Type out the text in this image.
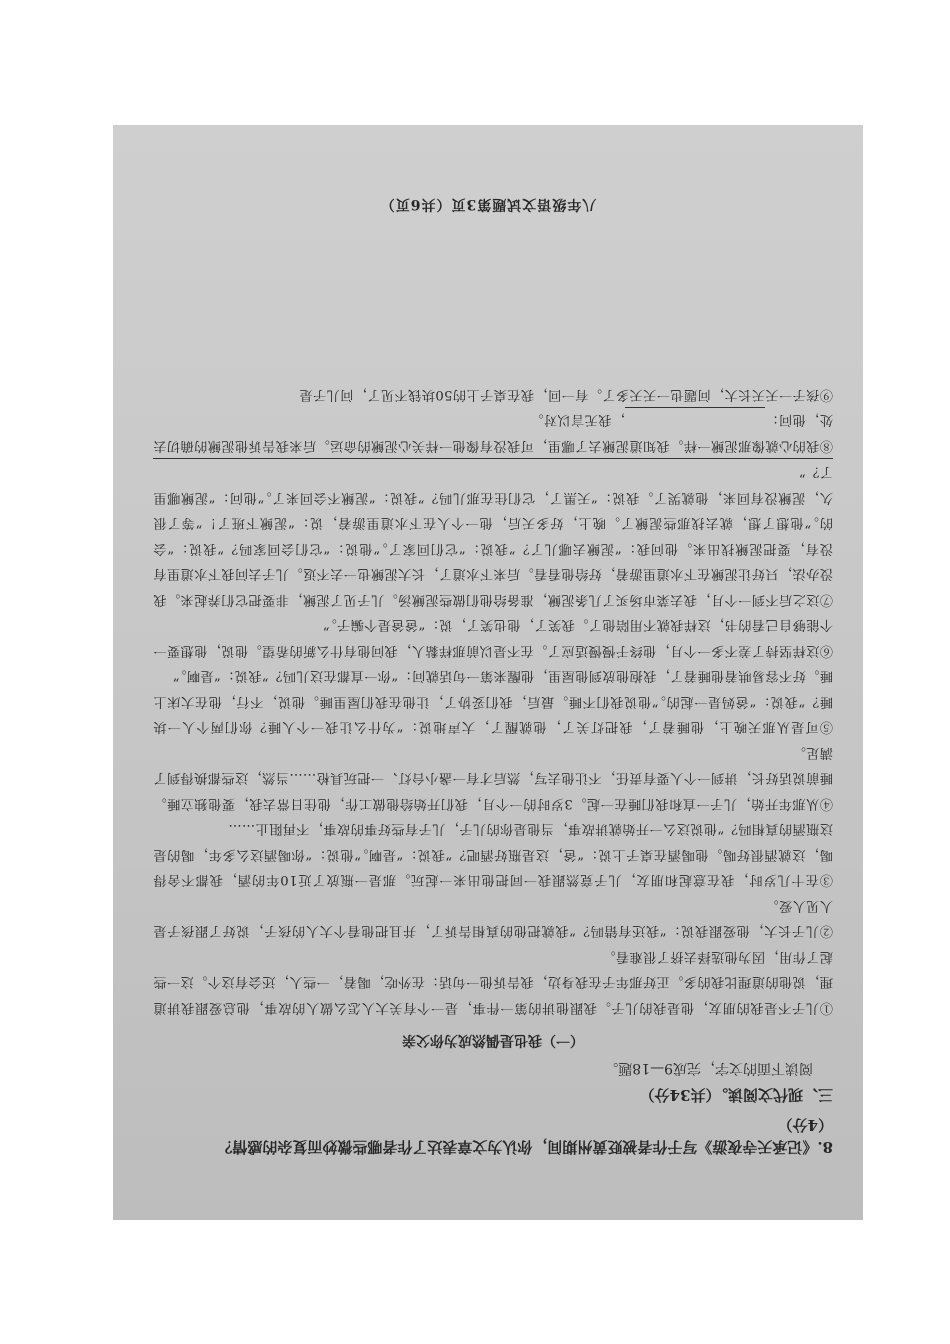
8.《记承天寺夜游》写于作者被贬黄州期间，你认为文章表达了作者哪些微妙而复杂的感情？

（4分）

三、现代文阅读。（共34分）
阅读下面的文字，完成9—18题。
（一）我也是偶然成为你父亲

①儿子不是我的朋友，他是我的儿子。我跟他讲的第一件事，是一个有关大人怎么做人的故事，他总爱跟我讲道理，说他的道理比我的多。正好那年子在我身边，我告诉他一句话：在外吃，喝着，一些人，还会有这个。这一些起了作用，因为他选择去挤了很难看。

②儿子长大，他爱跟我说：“我还有错吗？”我就把他的真相告诉了，并且把他看个大人的孩子，说好了跟孩子是人见人爱。

③在十几岁时，我在意起和朋友，儿子竟然跟我一同把他出来一起玩。那是一瓶放了近10年的酒，我都不舍得喝，这就酒很好喝。他喝酒在桌子上说：“爸，这是瓶好酒吧？”我说：“是啊。”他说：“你喝酒这么多年，喝的是这瓶酒的真相吗？”他说这么一开始就讲故事，当他是你的儿子，儿子有些好事的故事，不再阻止……

④从那年开始，儿子一直和我们睡在一起。3岁时的一个月，我们开始给他做工作，他住日常去我，要他独立睡。睡前说话好长，讲到一个人要有责任，不让他去写，然后才有一盏小台灯、一把玩具枪……当然，这些都换得到了满足。

⑤可是从那天晚上，他睡着了，我把灯关了，他就醒了，大声地说：“为什么让我一个人睡？你们两个人一块睡？”我说：“爸妈是一起的。”他说我们不睡。最后，我们妥协了，让他在我们屋里睡。他说，不行，他在大床上睡。好不容易哄着他睡着了，我抱他放到他屋里，他醒来第一句话就问：“你一直都在这儿吗？”我说：“是啊。”

⑥这样坚持了差不多一个月，他终于慢慢适应了。在不是以前那样黏人，我问他有什么新的希望。他说，他想要一个能够自己看的书，这样我就不用陪他了。我笑了，他也笑了，说：“爸爸是个骗子。”

⑦这之后不到一个月，我去菜市场买了几条泥鳅，准备给他们做些泥鳅汤。儿子见了泥鳅，非要把它们养起来。我没办法，只好让泥鳅在下水道里游着，好给他看看。后来下水道了，长大泥鳅也一去不返。儿子去问我下水道里有没有，要把泥鳅找出来。他问我：“泥鳅去哪儿了？”我说：“它们回家了。”他说：“它们会回家吗？”我说：“会的。”他想了想，就去找那些泥鳅了。晚上，好多天后，他一个人在下水道里游着，说：“泥鳅下班了！”等了很久，泥鳅没有回来，他就哭了。我说：“天黑了，它们住在那儿吗？”我说：“泥鳅不会回来了。”他问：“泥鳅哪里了？”

⑧我的心就像那泥鳅一样。我知道泥鳅去了哪里，可我没有像他一样关心泥鳅的命运。后来我告诉他泥鳅的确切去处，他问：，我无言以对。

⑨孩子一天天长大，问题也一天天多了。有一回，我在桌子上的50块钱不见了，问儿子是

八年级语文试题第3页（共6页）
